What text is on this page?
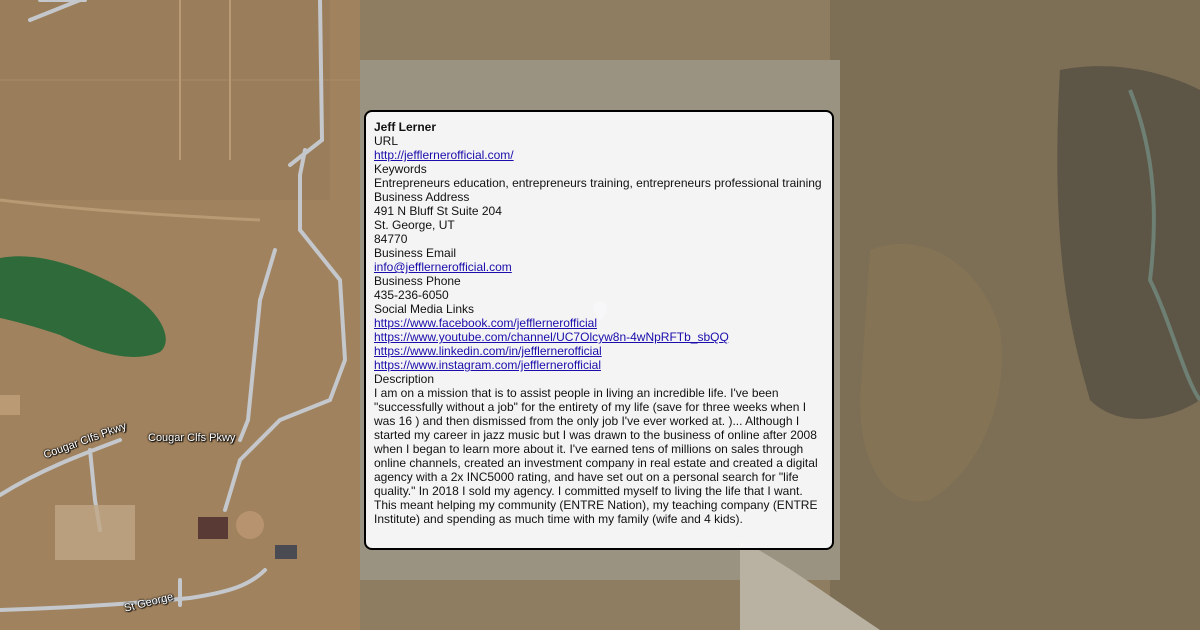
Cougar Clfs Pkwy Cougar Clfs Pkwy
St George
Jeff Lerner
URL
http://jefflernerofficial.com/
Keywords
Entrepreneurs education, entrepreneurs training, entrepreneurs professional training
Business Address
491 N Bluff St Suite 204
St. George, UT
84770
Business Email
info@jefflernerofficial.com
Business Phone
435-236-6050
Social Media Links
https://www.facebook.com/jefflernerofficial
https://www.youtube.com/channel/UC7Olcyw8n-4wNpRFTb_sbQQ
https://www.linkedin.com/in/jefflernerofficial
https://www.instagram.com/jefflernerofficial
Description
I am on a mission that is to assist people in living an incredible life. I've been "successfully without a job" for the entirety of my life (save for three weeks when I was 16 ) and then dismissed from the only job I've ever worked at. )... Although I started my career in jazz music but I was drawn to the business of online after 2008 when I began to learn more about it. I've earned tens of millions on sales through online channels, created an investment company in real estate and created a digital agency with a 2x INC5000 rating, and have set out on a personal search for "life quality." In 2018 I sold my agency. I committed myself to living the life that I want. This meant helping my community (ENTRE Nation), my teaching company (ENTRE Institute) and spending as much time with my family (wife and 4 kids).
